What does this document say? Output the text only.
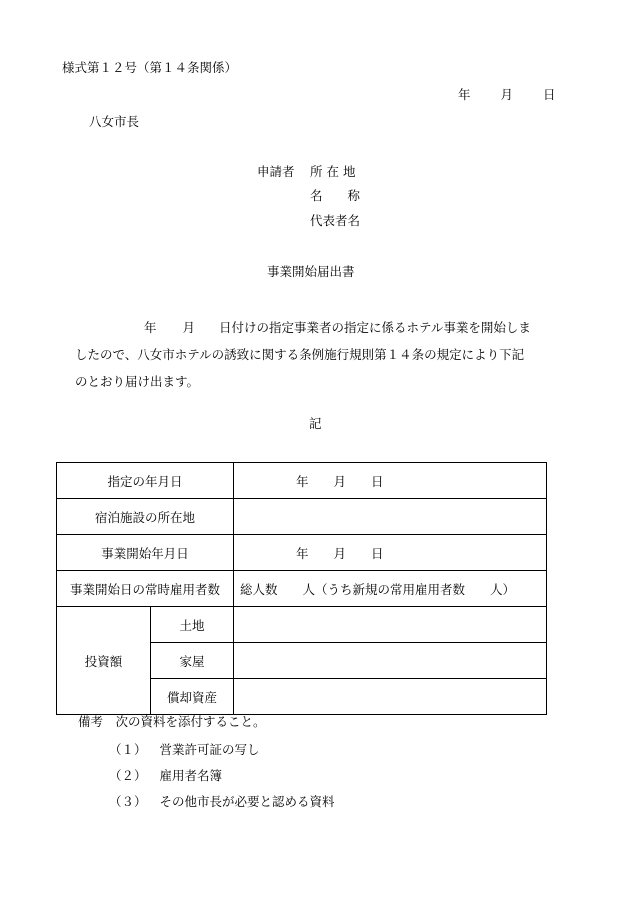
様式第１２号（第１４条関係）
年 月 日
八女市長
申請者 所 在 地
名　　称
代表者名
事業開始届出書
年 月 日付けの指定事業者の指定に係るホテル事業を開始しま
したので、八女市ホテルの誘致に関する条例施行規則第１４条の規定により下記
のとおり届け出ます。
記
指定の年月日		年　　月　　日
宿泊施設の所在地		
事業開始年月日		年　　月　　日
事業開始日の常時雇用者数		総人数　　人（うち新規の常用雇用者数　　人）
投資額	土地	
	家屋	
	償却資産	
備考　次の資料を添付すること。
（１） 営業許可証の写し
（２） 雇用者名簿
（３） その他市長が必要と認める資料
